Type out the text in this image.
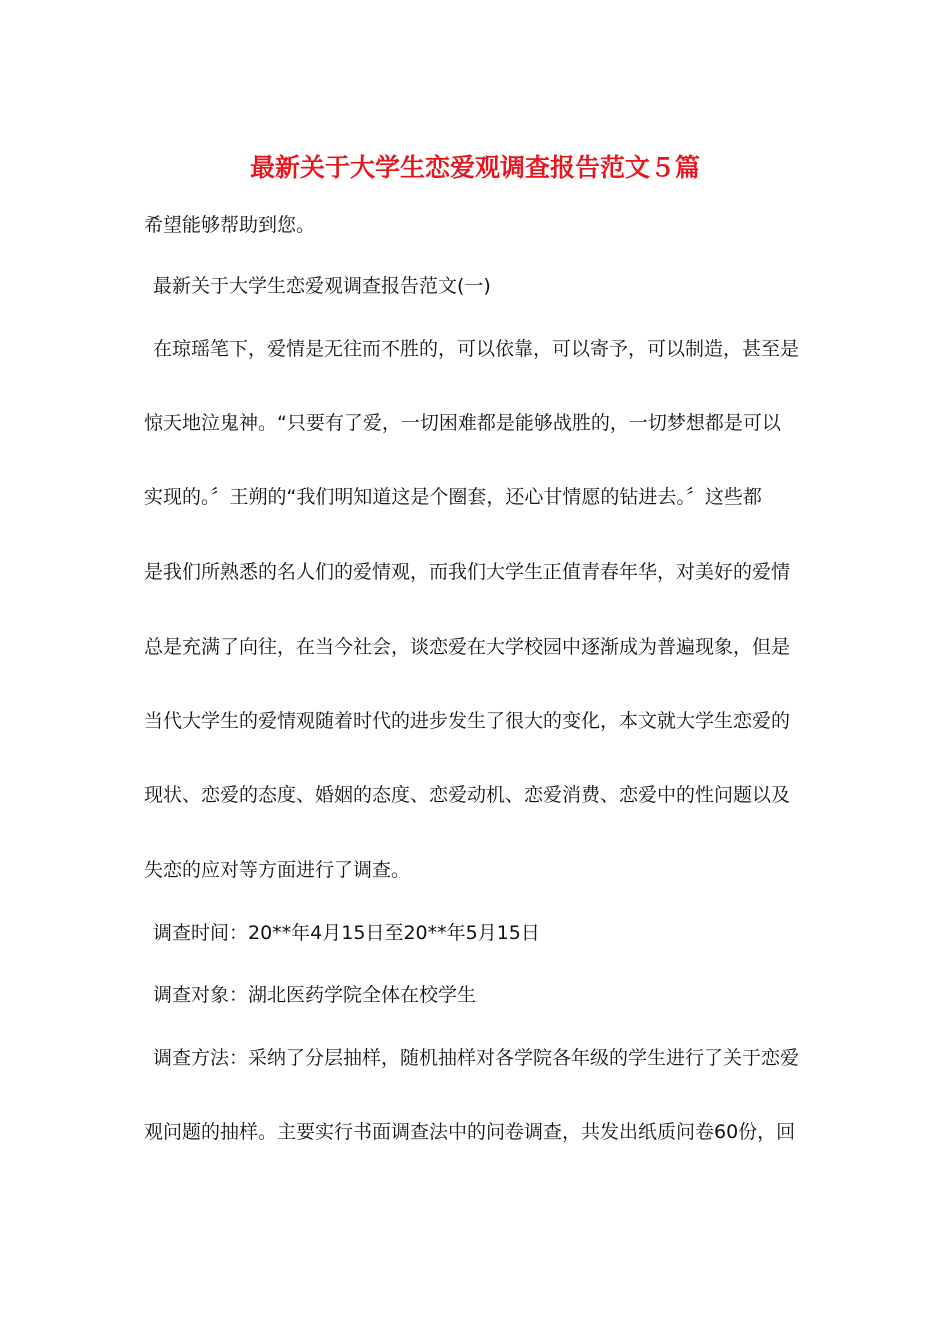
最新关于大学生恋爱观调查报告范文５篇

希望能够帮助到您。

最新关于大学生恋爱观调查报告范文(一)

在琼瑶笔下，爱情是无往而不胜的，可以依靠，可以寄予，可以制造，甚至是

惊天地泣鬼神。“只要有了爱，一切困难都是能够战胜的，一切梦想都是可以

实现的。〞王朔的“我们明知道这是个圈套，还心甘情愿的钻进去。〞这些都

是我们所熟悉的名人们的爱情观，而我们大学生正值青春年华，对美好的爱情

总是充满了向往，在当今社会，谈恋爱在大学校园中逐渐成为普遍现象，但是

当代大学生的爱情观随着时代的进步发生了很大的变化，本文就大学生恋爱的

现状、恋爱的态度、婚姻的态度、恋爱动机、恋爱消费、恋爱中的性问题以及

失恋的应对等方面进行了调查。

调查时间：20**年4月15日至20**年5月15日

调查对象：湖北医药学院全体在校学生

调查方法：采纳了分层抽样，随机抽样对各学院各年级的学生进行了关于恋爱

观问题的抽样。主要实行书面调查法中的问卷调查，共发出纸质问卷60份，回
